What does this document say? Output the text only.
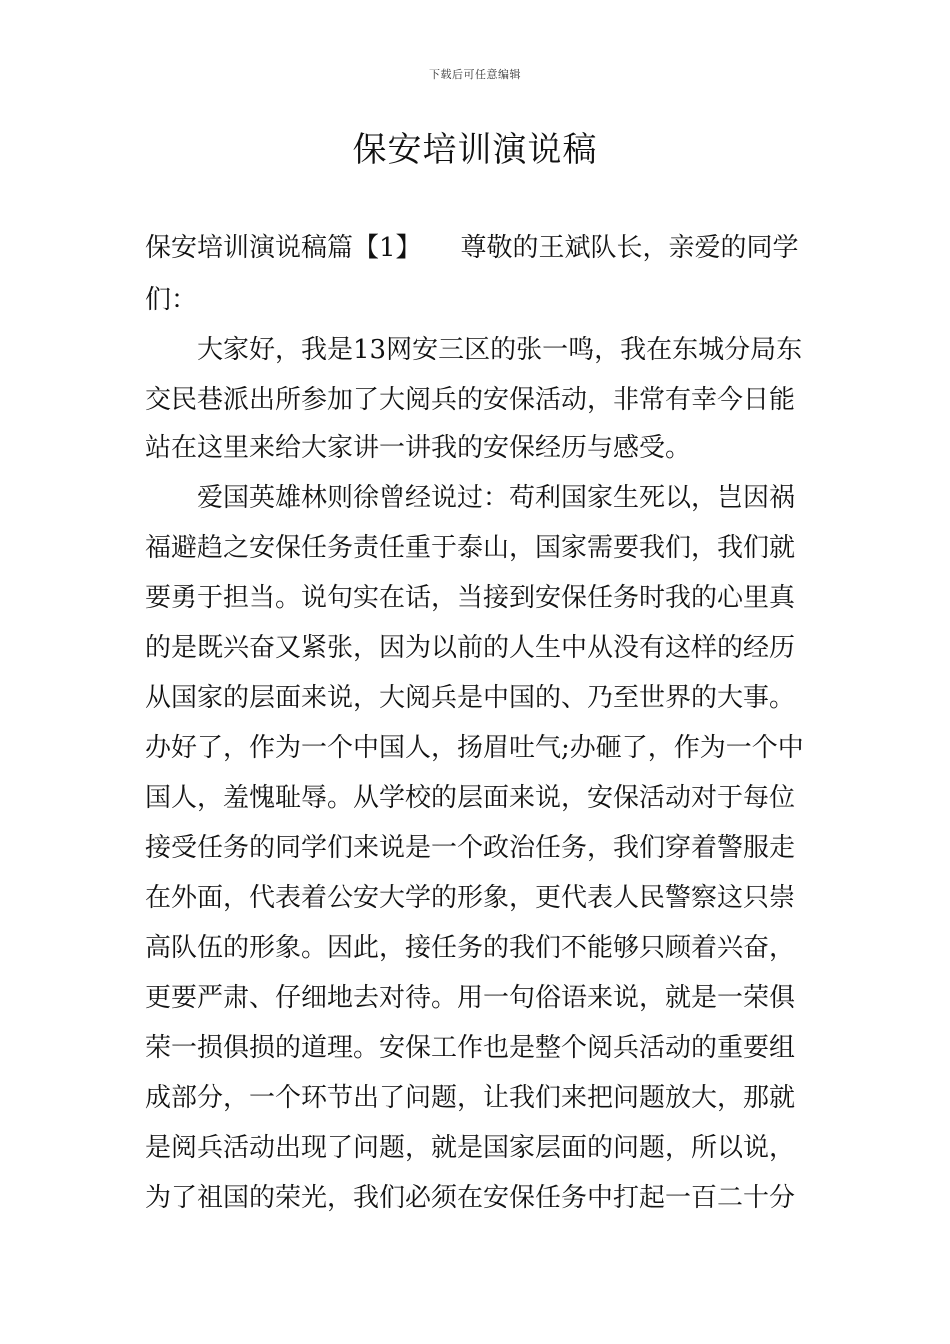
下载后可任意编辑
保安培训演说稿
保安培训演说稿篇【1】　　尊敬的王斌队长，亲爱的同学
们：
大家好，我是13网安三区的张一鸣，我在东城分局东
交民巷派出所参加了大阅兵的安保活动，非常有幸今日能
站在这里来给大家讲一讲我的安保经历与感受。
爱国英雄林则徐曾经说过：苟利国家生死以，岂因祸
福避趋之安保任务责任重于泰山，国家需要我们，我们就
要勇于担当。说句实在话，当接到安保任务时我的心里真
的是既兴奋又紧张，因为以前的人生中从没有这样的经历
从国家的层面来说，大阅兵是中国的、乃至世界的大事。
办好了，作为一个中国人，扬眉吐气;办砸了，作为一个中
国人，羞愧耻辱。从学校的层面来说，安保活动对于每位
接受任务的同学们来说是一个政治任务，我们穿着警服走
在外面，代表着公安大学的形象，更代表人民警察这只崇
高队伍的形象。因此，接任务的我们不能够只顾着兴奋，
更要严肃、仔细地去对待。用一句俗语来说，就是一荣俱
荣一损俱损的道理。安保工作也是整个阅兵活动的重要组
成部分，一个环节出了问题，让我们来把问题放大，那就
是阅兵活动出现了问题，就是国家层面的问题，所以说，
为了祖国的荣光，我们必须在安保任务中打起一百二十分
